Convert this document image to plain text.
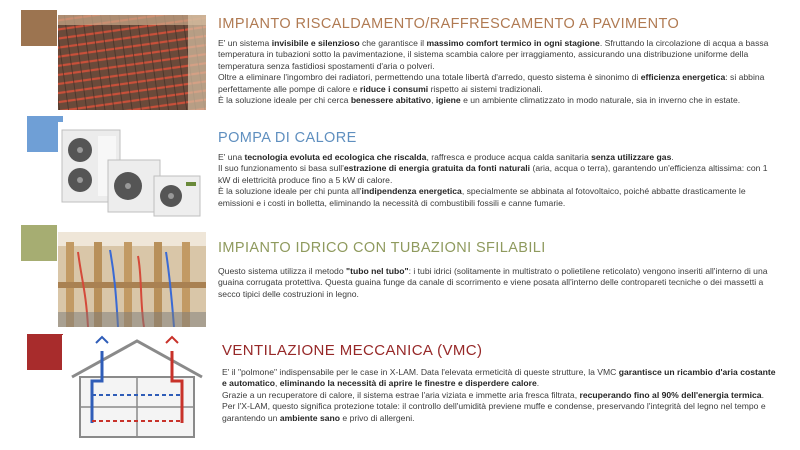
IMPIANTO RISCALDAMENTO/RAFFRESCAMENTO A PAVIMENTO

E' un sistema invisibile e silenzioso che garantisce il massimo comfort termico in ogni stagione. Sfruttando la circolazione di acqua a bassa temperatura in tubazioni sotto la pavimentazione, il sistema scambia calore per irraggiamento, assicurando una distribuzione uniforme della temperatura senza fastidiosi spostamenti d'aria o polveri.

Oltre a eliminare l'ingombro dei radiatori, permettendo una totale libertà d'arredo, questo sistema è sinonimo di efficienza energetica: si abbina perfettamente alle pompe di calore e riduce i consumi rispetto ai sistemi tradizionali.

È la soluzione ideale per chi cerca benessere abitativo, igiene e un ambiente climatizzato in modo naturale, sia in inverno che in estate.

POMPA DI CALORE

E' una tecnologia evoluta ed ecologica che riscalda, raffresca e produce acqua calda sanitaria senza utilizzare gas.

Il suo funzionamento si basa sull'estrazione di energia gratuita da fonti naturali (aria, acqua o terra), garantendo un'efficienza altissima: con 1 kW di elettricità produce fino a 5 kW di calore.

È la soluzione ideale per chi punta all'indipendenza energetica, specialmente se abbinata al fotovoltaico, poiché abbatte drasticamente le emissioni e i costi in bolletta, eliminando la necessità di combustibili fossili e canne fumarie.

IMPIANTO IDRICO CON TUBAZIONI SFILABILI

Questo sistema utilizza il metodo "tubo nel tubo": i tubi idrici (solitamente in multistrato o polietilene reticolato) vengono inseriti all'interno di una guaina corrugata protettiva. Questa guaina funge da canale di scorrimento e viene posata all'interno delle contropareti tecniche o dei massetti a secco tipici delle costruzioni in legno.

VENTILAZIONE MECCANICA (VMC)

E' il "polmone" indispensabile per le case in X-LAM. Data l'elevata ermeticità di queste strutture, la VMC garantisce un ricambio d'aria costante e automatico, eliminando la necessità di aprire le finestre e disperdere calore.

Grazie a un recuperatore di calore, il sistema estrae l'aria viziata e immette aria fresca filtrata, recuperando fino al 90% dell'energia termica. Per l'X-LAM, questo significa protezione totale: il controllo dell'umidità previene muffe e condense, preservando l'integrità del legno nel tempo e garantendo un ambiente sano e privo di allergeni.
